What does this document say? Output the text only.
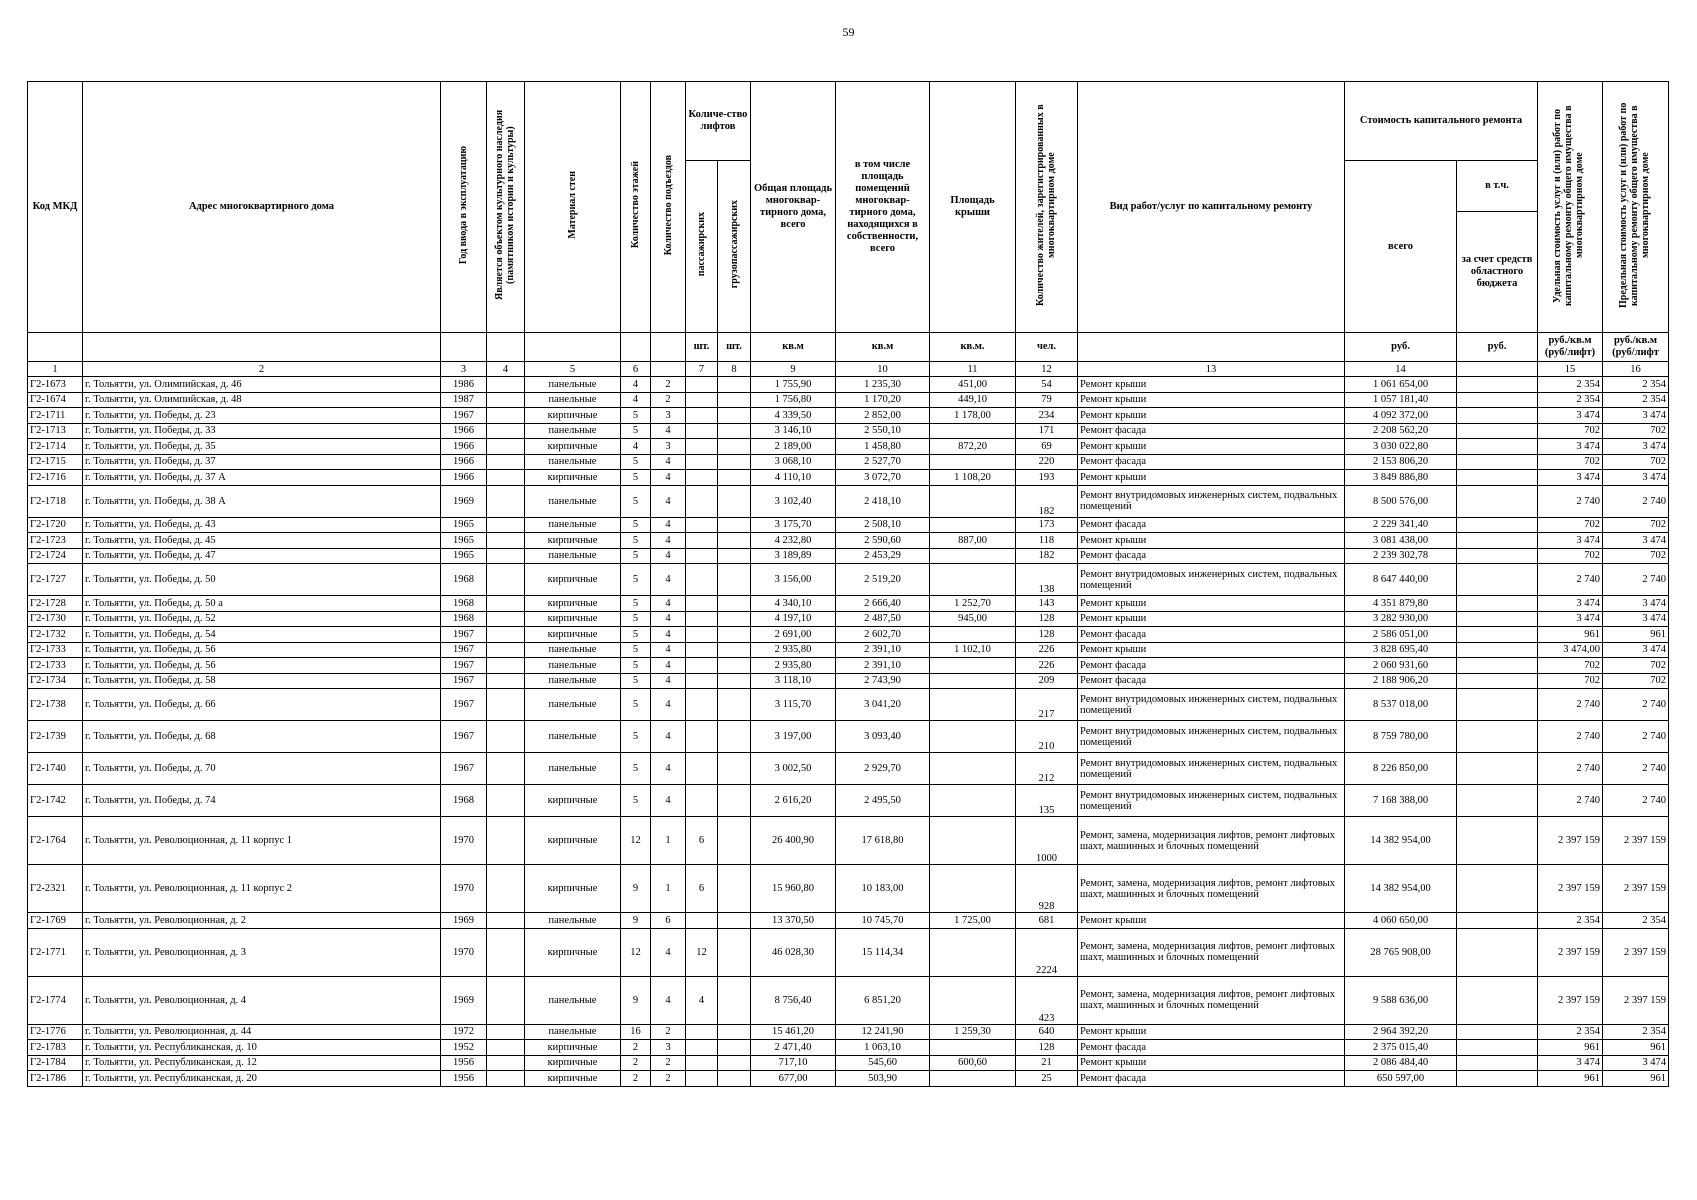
59
Код МКД	Адрес многоквартирного дома	Год ввода в эксплуатацию	Является объектом культурного наследия (памятником истории и культуры)	Материал стен	Количество этажей	Количество подъездов	Количе-ство лифтов		Общая площадь многоквар-тирного дома, всего	в том числе площадь помещений многоквар-тирного дома, находящихся в собственности, всего	Площадь крыши	Количество жителей, зарегистрированных в многоквартирном доме	Вид работ/услуг по капитальному ремонту	Стоимость капитального ремонта		Удельная стоимость услуг и (или) работ по капитальному ремонту общего имущества в многоквартирном доме	Предельная стоимость услуг и (или) работ по капитальному ремонту общего имущества в многоквартирном доме
							пассажирских	грузопассажирских						всего	в т.ч.		
															за счет средств областного бюджета		
							шт.	шт.	кв.м	кв.м	кв.м.	чел.		руб.	руб.	руб./кв.м (руб/лифт)	руб./кв.м (руб/лифт
1	2	3	4	5	6		7	8	9	10	11	12	13	14		15	16
Г2-1673	г. Тольятти, ул. Олимпийская, д. 46	1986		панельные	4	2			1 755,90	1 235,30	451,00	54	Ремонт крыши	1 061 654,00		2 354	2 354
Г2-1674	г. Тольятти, ул. Олимпийская, д. 48	1987		панельные	4	2			1 756,80	1 170,20	449,10	79	Ремонт крыши	1 057 181,40		2 354	2 354
Г2-1711	г. Тольятти, ул. Победы, д. 23	1967		кирпичные	5	3			4 339,50	2 852,00	1 178,00	234	Ремонт крыши	4 092 372,00		3 474	3 474
Г2-1713	г. Тольятти, ул. Победы, д. 33	1966		панельные	5	4			3 146,10	2 550,10		171	Ремонт фасада	2 208 562,20		702	702
Г2-1714	г. Тольятти, ул. Победы, д. 35	1966		кирпичные	4	3			2 189,00	1 458,80	872,20	69	Ремонт крыши	3 030 022,80		3 474	3 474
Г2-1715	г. Тольятти, ул. Победы, д. 37	1966		панельные	5	4			3 068,10	2 527,70		220	Ремонт фасада	2 153 806,20		702	702
Г2-1716	г. Тольятти, ул. Победы, д. 37 А	1966		кирпичные	5	4			4 110,10	3 072,70	1 108,20	193	Ремонт крыши	3 849 886,80		3 474	3 474
Г2-1718	г. Тольятти, ул. Победы, д. 38 А	1969		панельные	5	4			3 102,40	2 418,10		182	Ремонт внутридомовых инженерных систем, подвальных помещений	8 500 576,00		2 740	2 740
Г2-1720	г. Тольятти, ул. Победы, д. 43	1965		панельные	5	4			3 175,70	2 508,10		173	Ремонт фасада	2 229 341,40		702	702
Г2-1723	г. Тольятти, ул. Победы, д. 45	1965		кирпичные	5	4			4 232,80	2 590,60	887,00	118	Ремонт крыши	3 081 438,00		3 474	3 474
Г2-1724	г. Тольятти, ул. Победы, д. 47	1965		панельные	5	4			3 189,89	2 453,29		182	Ремонт фасада	2 239 302,78		702	702
Г2-1727	г. Тольятти, ул. Победы, д. 50	1968		кирпичные	5	4			3 156,00	2 519,20		138	Ремонт внутридомовых инженерных систем, подвальных помещений	8 647 440,00		2 740	2 740
Г2-1728	г. Тольятти, ул. Победы, д. 50 а	1968		кирпичные	5	4			4 340,10	2 666,40	1 252,70	143	Ремонт крыши	4 351 879,80		3 474	3 474
Г2-1730	г. Тольятти, ул. Победы, д. 52	1968		кирпичные	5	4			4 197,10	2 487,50	945,00	128	Ремонт крыши	3 282 930,00		3 474	3 474
Г2-1732	г. Тольятти, ул. Победы, д. 54	1967		кирпичные	5	4			2 691,00	2 602,70		128	Ремонт фасада	2 586 051,00		961	961
Г2-1733	г. Тольятти, ул. Победы, д. 56	1967		панельные	5	4			2 935,80	2 391,10	1 102,10	226	Ремонт крыши	3 828 695,40		3 474,00	3 474
Г2-1733	г. Тольятти, ул. Победы, д. 56	1967		панельные	5	4			2 935,80	2 391,10		226	Ремонт фасада	2 060 931,60		702	702
Г2-1734	г. Тольятти, ул. Победы, д. 58	1967		панельные	5	4			3 118,10	2 743,90		209	Ремонт фасада	2 188 906,20		702	702
Г2-1738	г. Тольятти, ул. Победы, д. 66	1967		панельные	5	4			3 115,70	3 041,20		217	Ремонт внутридомовых инженерных систем, подвальных помещений	8 537 018,00		2 740	2 740
Г2-1739	г. Тольятти, ул. Победы, д. 68	1967		панельные	5	4			3 197,00	3 093,40		210	Ремонт внутридомовых инженерных систем, подвальных помещений	8 759 780,00		2 740	2 740
Г2-1740	г. Тольятти, ул. Победы, д. 70	1967		панельные	5	4			3 002,50	2 929,70		212	Ремонт внутридомовых инженерных систем, подвальных помещений	8 226 850,00		2 740	2 740
Г2-1742	г. Тольятти, ул. Победы, д. 74	1968		кирпичные	5	4			2 616,20	2 495,50		135	Ремонт внутридомовых инженерных систем, подвальных помещений	7 168 388,00		2 740	2 740
Г2-1764	г. Тольятти, ул. Революционная, д. 11 корпус 1	1970		кирпичные	12	1	6		26 400,90	17 618,80		1000	Ремонт, замена, модернизация лифтов, ремонт лифтовых шахт, машинных и блочных помещений	14 382 954,00		2 397 159	2 397 159
Г2-2321	г. Тольятти, ул. Революционная, д. 11 корпус 2	1970		кирпичные	9	1	6		15 960,80	10 183,00		928	Ремонт, замена, модернизация лифтов, ремонт лифтовых шахт, машинных и блочных помещений	14 382 954,00		2 397 159	2 397 159
Г2-1769	г. Тольятти, ул. Революционная, д. 2	1969		панельные	9	6			13 370,50	10 745,70	1 725,00	681	Ремонт крыши	4 060 650,00		2 354	2 354
Г2-1771	г. Тольятти, ул. Революционная, д. 3	1970		кирпичные	12	4	12		46 028,30	15 114,34		2224	Ремонт, замена, модернизация лифтов, ремонт лифтовых шахт, машинных и блочных помещений	28 765 908,00		2 397 159	2 397 159
Г2-1774	г. Тольятти, ул. Революционная, д. 4	1969		панельные	9	4	4		8 756,40	6 851,20		423	Ремонт, замена, модернизация лифтов, ремонт лифтовых шахт, машинных и блочных помещений	9 588 636,00		2 397 159	2 397 159
Г2-1776	г. Тольятти, ул. Революционная, д. 44	1972		панельные	16	2			15 461,20	12 241,90	1 259,30	640	Ремонт крыши	2 964 392,20		2 354	2 354
Г2-1783	г. Тольятти, ул. Республиканская, д. 10	1952		кирпичные	2	3			2 471,40	1 063,10		128	Ремонт фасада	2 375 015,40		961	961
Г2-1784	г. Тольятти, ул. Республиканская, д. 12	1956		кирпичные	2	2			717,10	545,60	600,60	21	Ремонт крыши	2 086 484,40		3 474	3 474
Г2-1786	г. Тольятти, ул. Республиканская, д. 20	1956		кирпичные	2	2			677,00	503,90		25	Ремонт фасада	650 597,00		961	961
